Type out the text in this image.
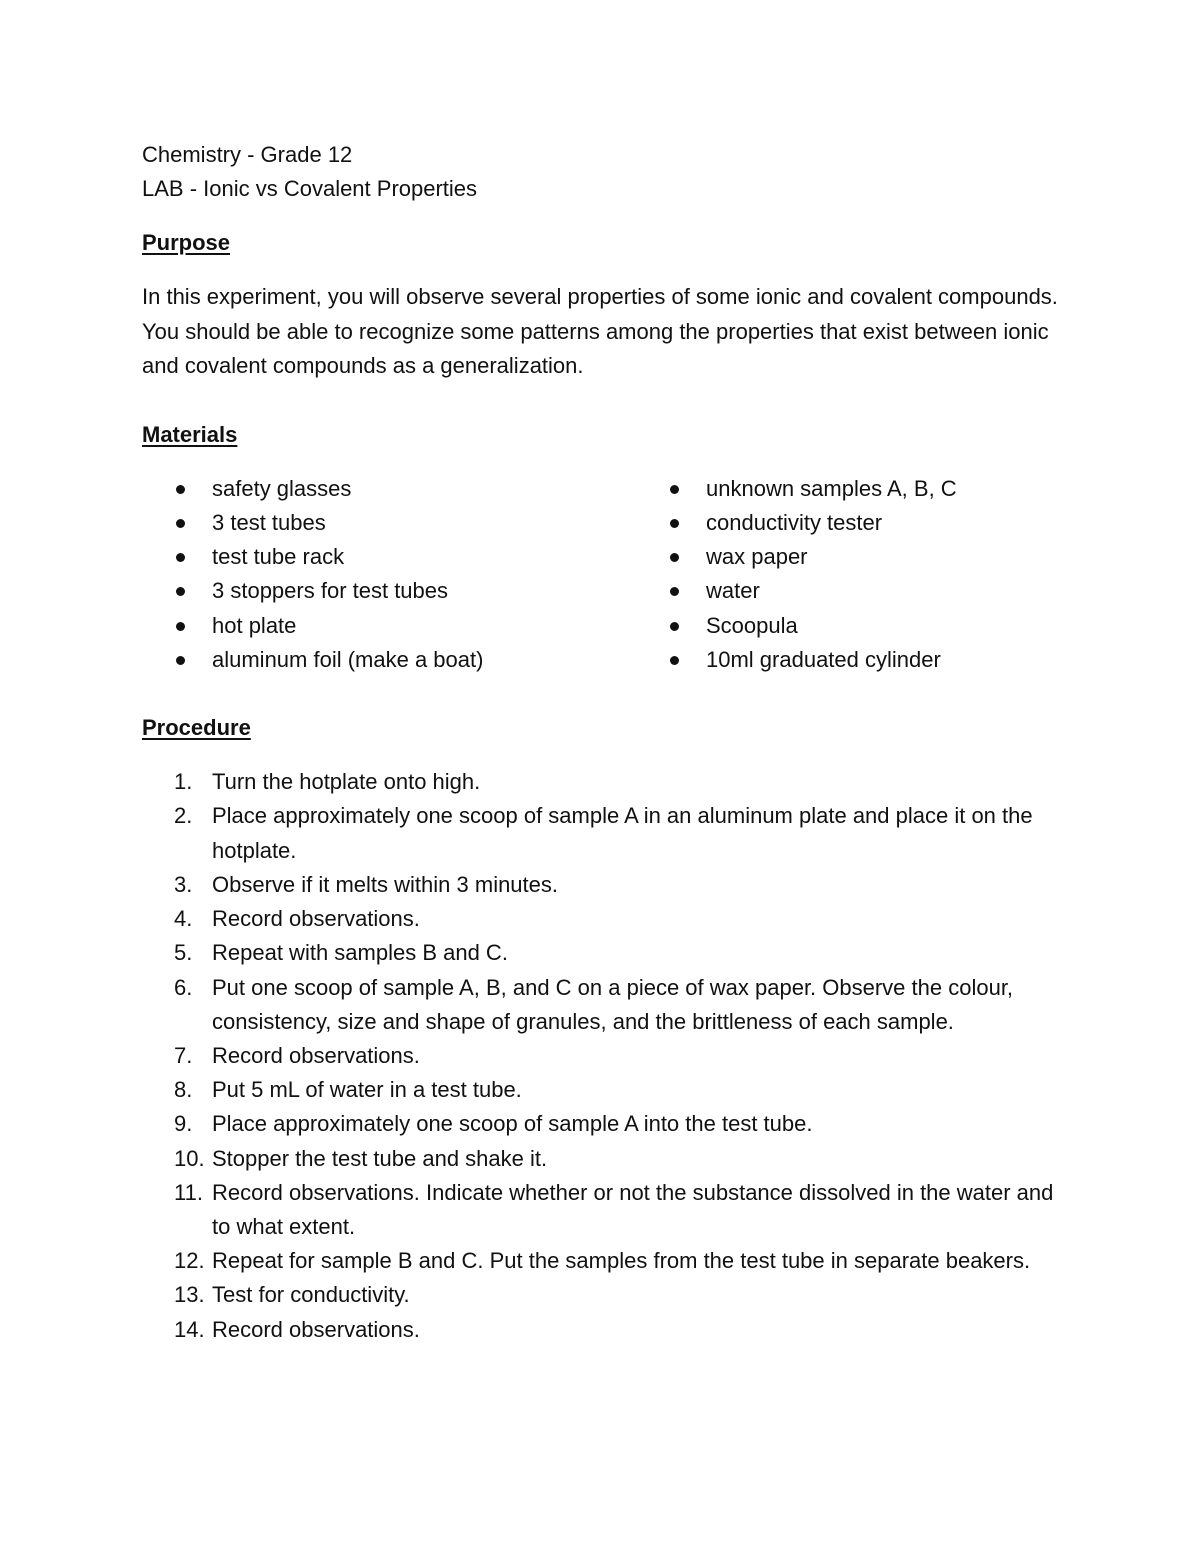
Chemistry - Grade 12
LAB - Ionic vs Covalent Properties
Purpose

In this experiment, you will observe several properties of some ionic and covalent compounds. You should be able to recognize some patterns among the properties that exist between ionic and covalent compounds as a generalization.

Materials
safety glasses
3 test tubes
test tube rack
3 stoppers for test tubes
hot plate
aluminum foil (make a boat)
unknown samples A, B, C
conductivity tester
wax paper
water
Scoopula
10ml graduated cylinder
Procedure
1. Turn the hotplate onto high.
2. Place approximately one scoop of sample A in an aluminum plate and place it on the hotplate.
3. Observe if it melts within 3 minutes.
4. Record observations.
5. Repeat with samples B and C.
6. Put one scoop of sample A, B, and C on a piece of wax paper. Observe the colour, consistency, size and shape of granules, and the brittleness of each sample.
7. Record observations.
8. Put 5 mL of water in a test tube.
9. Place approximately one scoop of sample A into the test tube.
10. Stopper the test tube and shake it.
11. Record observations. Indicate whether or not the substance dissolved in the water and to what extent.
12. Repeat for sample B and C. Put the samples from the test tube in separate beakers.
13. Test for conductivity.
14. Record observations.
